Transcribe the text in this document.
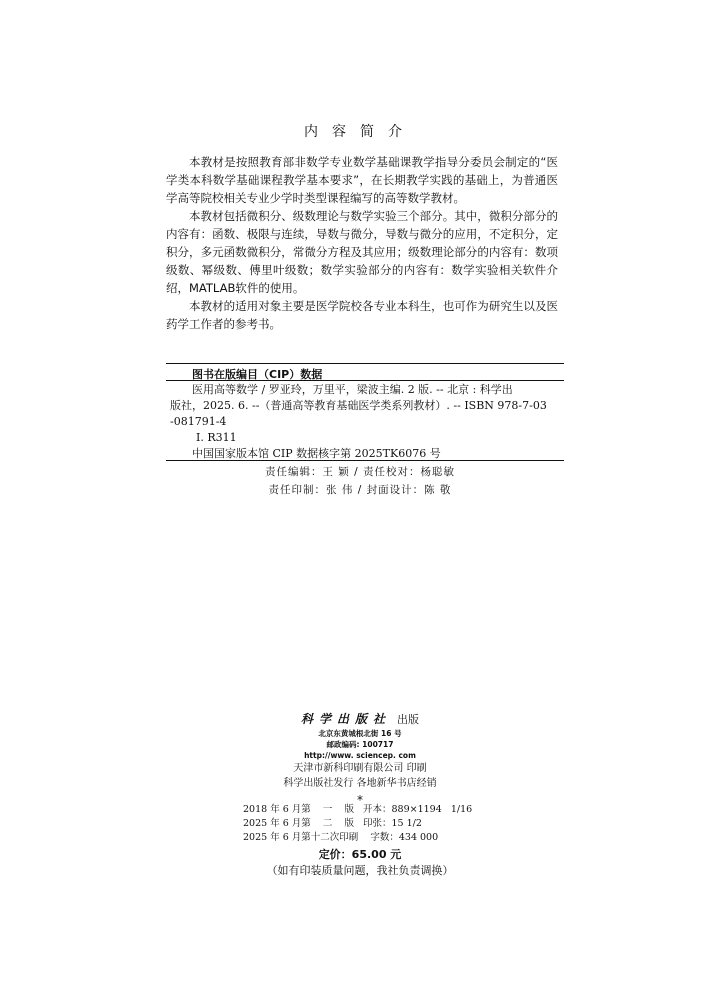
内容简介

本教材是按照教育部非数学专业数学基础课教学指导分委员会制定的“医学类本科数学基础课程教学基本要求”，在长期教学实践的基础上，为普通医学高等院校相关专业少学时类型课程编写的高等数学教材。

本教材包括微积分、级数理论与数学实验三个部分。其中，微积分部分的内容有：函数、极限与连续，导数与微分，导数与微分的应用，不定积分，定积分，多元函数微积分，常微分方程及其应用；级数理论部分的内容有：数项级数、幂级数、傅里叶级数；数学实验部分的内容有：数学实验相关软件介绍，MATLAB软件的使用。

本教材的适用对象主要是医学院校各专业本科生，也可作为研究生以及医药学工作者的参考书。

图书在版编目（CIP）数据
医用高等数学 / 罗亚玲，万里平，梁波主编. 2 版. -- 北京 : 科学出
版社，2025. 6. --（普通高等教育基础医学类系列教材）. -- ISBN 978-7-03
-081791-4
Ⅰ. R311
中国国家版本馆 CIP 数据核字第 2025TK6076 号
责任编辑：王 颖 / 责任校对：杨聪敏
责任印制：张 伟 / 封面设计：陈 敬
科学出版社 出版
北京东黄城根北街 16 号
邮政编码: 100717
http://www. sciencep. com
天津市新科印刷有限公司 印刷
科学出版社发行 各地新华书店经销
*
2018 年 6 月第    一    版   开本：889×1194   1/16
2025 年 6 月第    二    版   印张：15 1/2
2025 年 6 月第十二次印刷    字数：434 000
定价：65.00 元
（如有印装质量问题，我社负责调换）
